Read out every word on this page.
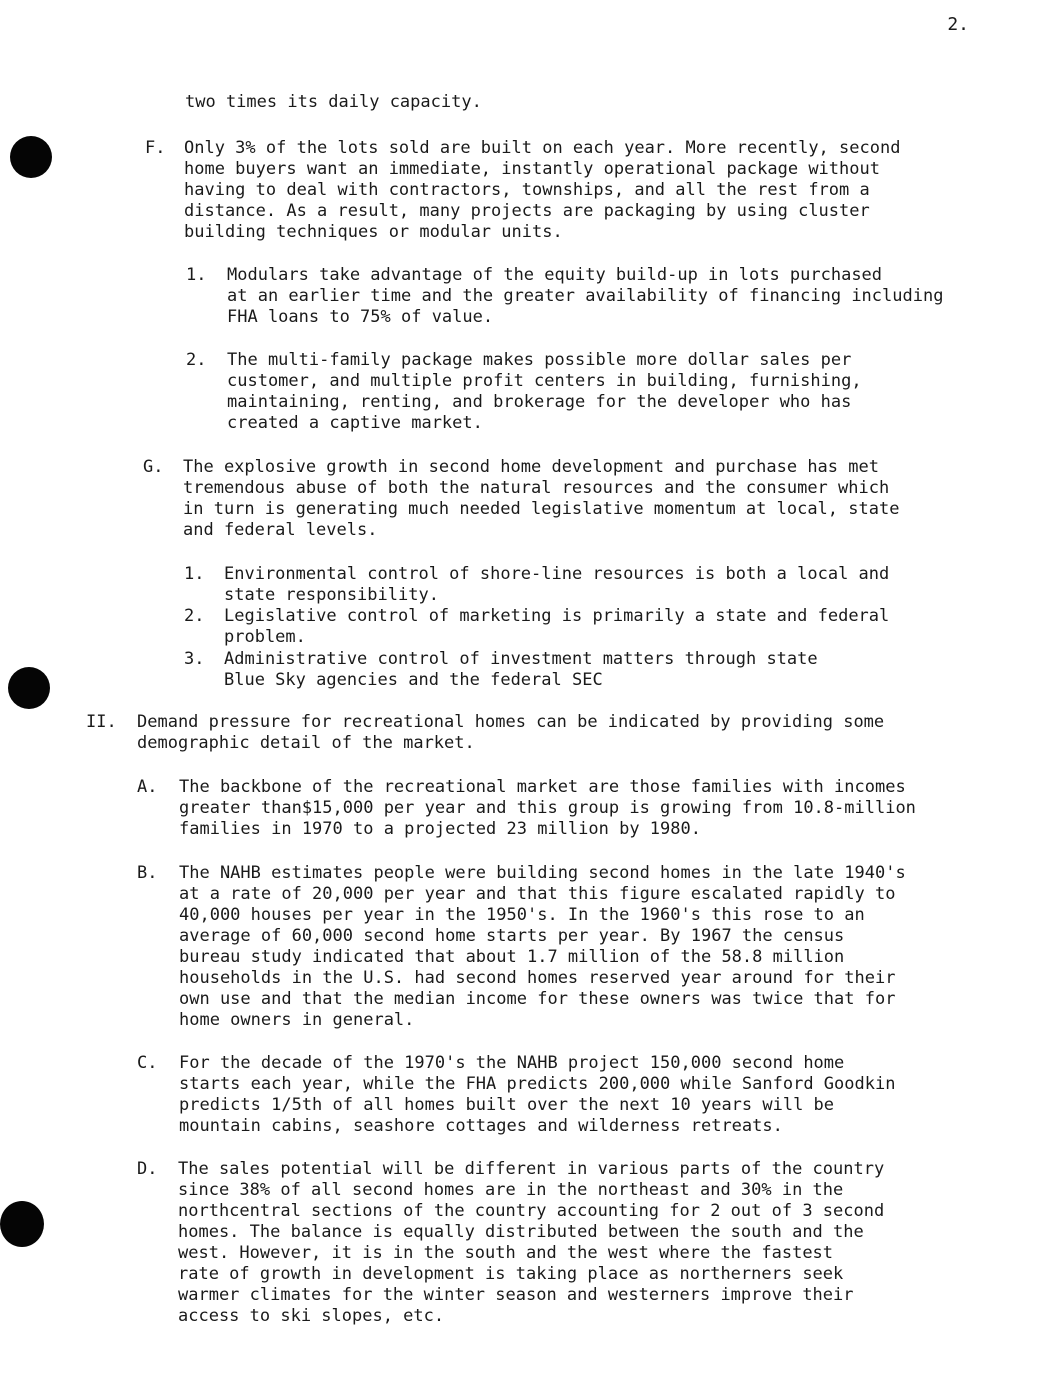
2.
two times its daily capacity.
F. Only 3% of the lots sold are built on each year. More recently, second
home buyers want an immediate, instantly operational package without
having to deal with contractors, townships, and all the rest from a
distance. As a result, many projects are packaging by using cluster
building techniques or modular units.
1. Modulars take advantage of the equity build-up in lots purchased
at an earlier time and the greater availability of financing including
FHA loans to 75% of value.
2. The multi-family package makes possible more dollar sales per
customer, and multiple profit centers in building, furnishing,
maintaining, renting, and brokerage for the developer who has
created a captive market.
G. The explosive growth in second home development and purchase has met
tremendous abuse of both the natural resources and the consumer which
in turn is generating much needed legislative momentum at local, state
and federal levels.
1. Environmental control of shore-line resources is both a local and
state responsibility.
2. Legislative control of marketing is primarily a state and federal
problem.
3. Administrative control of investment matters through state
Blue Sky agencies and the federal SEC
II. Demand pressure for recreational homes can be indicated by providing some
demographic detail of the market.
A. The backbone of the recreational market are those families with incomes
greater than$15,000 per year and this group is growing from 10.8-million
families in 1970 to a projected 23 million by 1980.
B. The NAHB estimates people were building second homes in the late 1940's
at a rate of 20,000 per year and that this figure escalated rapidly to
40,000 houses per year in the 1950's. In the 1960's this rose to an
average of 60,000 second home starts per year. By 1967 the census
bureau study indicated that about 1.7 million of the 58.8 million
households in the U.S. had second homes reserved year around for their
own use and that the median income for these owners was twice that for
home owners in general.
C. For the decade of the 1970's the NAHB project 150,000 second home
starts each year, while the FHA predicts 200,000 while Sanford Goodkin
predicts 1/5th of all homes built over the next 10 years will be
mountain cabins, seashore cottages and wilderness retreats.
D. The sales potential will be different in various parts of the country
since 38% of all second homes are in the northeast and 30% in the
northcentral sections of the country accounting for 2 out of 3 second
homes. The balance is equally distributed between the south and the
west. However, it is in the south and the west where the fastest
rate of growth in development is taking place as northerners seek
warmer climates for the winter season and westerners improve their
access to ski slopes, etc.
